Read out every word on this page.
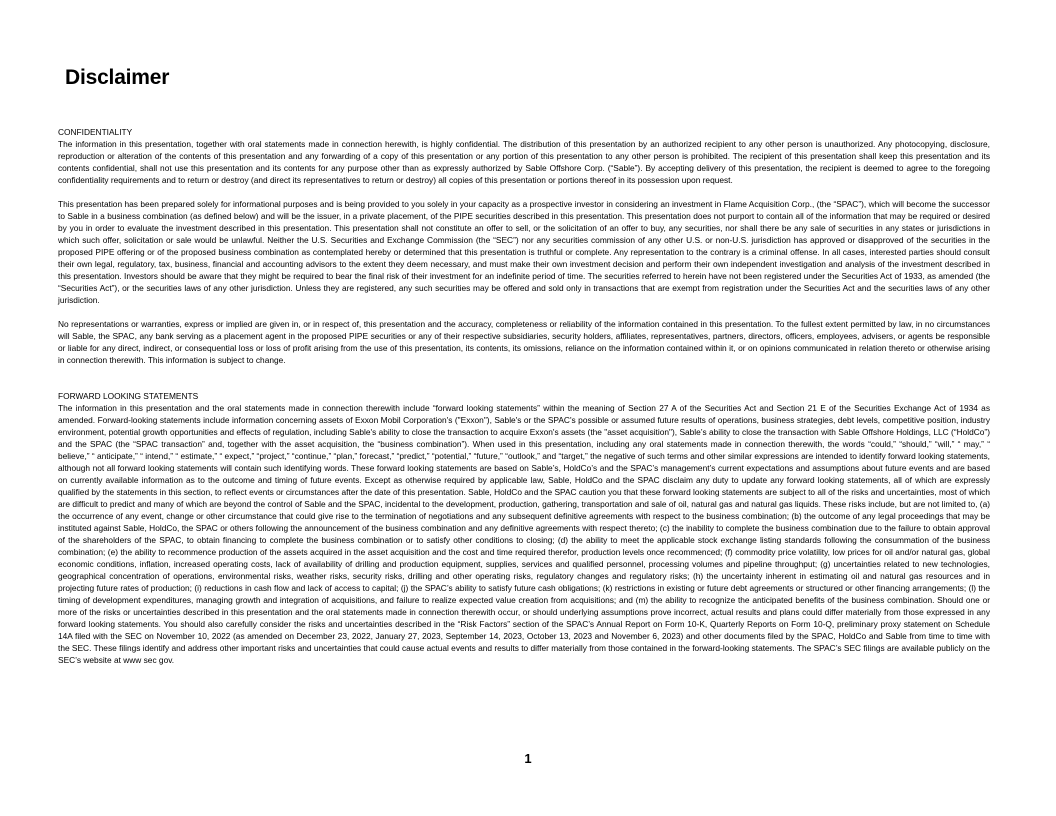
Disclaimer
CONFIDENTIALITY

The information in this presentation, together with oral statements made in connection herewith, is highly confidential. The distribution of this presentation by an authorized recipient to any other person is unauthorized. Any photocopying, disclosure, reproduction or alteration of the contents of this presentation and any forwarding of a copy of this presentation or any portion of this presentation to any other person is prohibited. The recipient of this presentation shall keep this presentation and its contents confidential, shall not use this presentation and its contents for any purpose other than as expressly authorized by Sable Offshore Corp. (“Sable”). By accepting delivery of this presentation, the recipient is deemed to agree to the foregoing confidentiality requirements and to return or destroy (and direct its representatives to return or destroy) all copies of this presentation or portions thereof in its possession upon request.

This presentation has been prepared solely for informational purposes and is being provided to you solely in your capacity as a prospective investor in considering an investment in Flame Acquisition Corp., (the “SPAC”), which will become the successor to Sable in a business combination (as defined below) and will be the issuer, in a private placement, of the PIPE securities described in this presentation. This presentation does not purport to contain all of the information that may be required or desired by you in order to evaluate the investment described in this presentation. This presentation shall not constitute an offer to sell, or the solicitation of an offer to buy, any securities, nor shall there be any sale of securities in any states or jurisdictions in which such offer, solicitation or sale would be unlawful. Neither the U.S. Securities and Exchange Commission (the “SEC”) nor any securities commission of any other U.S. or non-U.S. jurisdiction has approved or disapproved of the securities in the proposed PIPE offering or of the proposed business combination as contemplated hereby or determined that this presentation is truthful or complete. Any representation to the contrary is a criminal offense. In all cases, interested parties should consult their own legal, regulatory, tax, business, financial and accounting advisors to the extent they deem necessary, and must make their own investment decision and perform their own independent investigation and analysis of the investment described in this presentation. Investors should be aware that they might be required to bear the final risk of their investment for an indefinite period of time. The securities referred to herein have not been registered under the Securities Act of 1933, as amended (the “Securities Act”), or the securities laws of any other jurisdiction. Unless they are registered, any such securities may be offered and sold only in transactions that are exempt from registration under the Securities Act and the securities laws of any other jurisdiction.

No representations or warranties, express or implied are given in, or in respect of, this presentation and the accuracy, completeness or reliability of the information contained in this presentation. To the fullest extent permitted by law, in no circumstances will Sable, the SPAC, any bank serving as a placement agent in the proposed PIPE securities or any of their respective subsidiaries, security holders, affiliates, representatives, partners, directors, officers, employees, advisers, or agents be responsible or liable for any direct, indirect, or consequential loss or loss of profit arising from the use of this presentation, its contents, its omissions, reliance on the information contained within it, or on opinions communicated in relation thereto or otherwise arising in connection therewith. This information is subject to change.

FORWARD LOOKING STATEMENTS

The information in this presentation and the oral statements made in connection therewith include “forward looking statements” within the meaning of Section 27 A of the Securities Act and Section 21 E of the Securities Exchange Act of 1934 as amended. Forward-looking statements include information concerning assets of Exxon Mobil Corporation's ("Exxon"), Sable's or the SPAC's possible or assumed future results of operations, business strategies, debt levels, competitive position, industry environment, potential growth opportunities and effects of regulation, including Sable's ability to close the transaction to acquire Exxon's assets (the "asset acquisition"), Sable’s ability to close the transaction with Sable Offshore Holdings, LLC (“HoldCo”) and the SPAC (the “SPAC transaction” and, together with the asset acquisition, the “business combination”). When used in this presentation, including any oral statements made in connection therewith, the words “could,” “should,” “will,” “ may,” “ believe,” “ anticipate,” “ intend,” “ estimate,” “ expect,” “project,” “continue,” “plan,” forecast,” “predict,” “potential,” “future,” “outlook,” and “target,” the negative of such terms and other similar expressions are intended to identify forward looking statements, although not all forward looking statements will contain such identifying words. These forward looking statements are based on Sable’s, HoldCo’s and the SPAC’s management’s current expectations and assumptions about future events and are based on currently available information as to the outcome and timing of future events. Except as otherwise required by applicable law, Sable, HoldCo and the SPAC disclaim any duty to update any forward looking statements, all of which are expressly qualified by the statements in this section, to reflect events or circumstances after the date of this presentation. Sable, HoldCo and the SPAC caution you that these forward looking statements are subject to all of the risks and uncertainties, most of which are difficult to predict and many of which are beyond the control of Sable and the SPAC, incidental to the development, production, gathering, transportation and sale of oil, natural gas and natural gas liquids. These risks include, but are not limited to, (a) the occurrence of any event, change or other circumstance that could give rise to the termination of negotiations and any subsequent definitive agreements with respect to the business combination; (b) the outcome of any legal proceedings that may be instituted against Sable, HoldCo, the SPAC or others following the announcement of the business combination and any definitive agreements with respect thereto; (c) the inability to complete the business combination due to the failure to obtain approval of the shareholders of the SPAC, to obtain financing to complete the business combination or to satisfy other conditions to closing; (d) the ability to meet the applicable stock exchange listing standards following the consummation of the business combination; (e) the ability to recommence production of the assets acquired in the asset acquisition and the cost and time required therefor, production levels once recommenced; (f) commodity price volatility, low prices for oil and/or natural gas, global economic conditions, inflation, increased operating costs, lack of availability of drilling and production equipment, supplies, services and qualified personnel, processing volumes and pipeline throughput; (g) uncertainties related to new technologies, geographical concentration of operations, environmental risks, weather risks, security risks, drilling and other operating risks, regulatory changes and regulatory risks; (h) the uncertainty inherent in estimating oil and natural gas resources and in projecting future rates of production; (i) reductions in cash flow and lack of access to capital; (j) the SPAC’s ability to satisfy future cash obligations; (k) restrictions in existing or future debt agreements or structured or other financing arrangements; (l) the timing of development expenditures, managing growth and integration of acquisitions, and failure to realize expected value creation from acquisitions; and (m) the ability to recognize the anticipated benefits of the business combination. Should one or more of the risks or uncertainties described in this presentation and the oral statements made in connection therewith occur, or should underlying assumptions prove incorrect, actual results and plans could differ materially from those expressed in any forward looking statements. You should also carefully consider the risks and uncertainties described in the “Risk Factors” section of the SPAC’s Annual Report on Form 10-K, Quarterly Reports on Form 10-Q, preliminary proxy statement on Schedule 14A filed with the SEC on November 10, 2022 (as amended on December 23, 2022, January 27, 2023, September 14, 2023, October 13, 2023 and November 6, 2023) and other documents filed by the SPAC, HoldCo and Sable from time to time with the SEC. These filings identify and address other important risks and uncertainties that could cause actual events and results to differ materially from those contained in the forward-looking statements. The SPAC’s SEC filings are available publicly on the SEC’s website at www sec gov.

1
